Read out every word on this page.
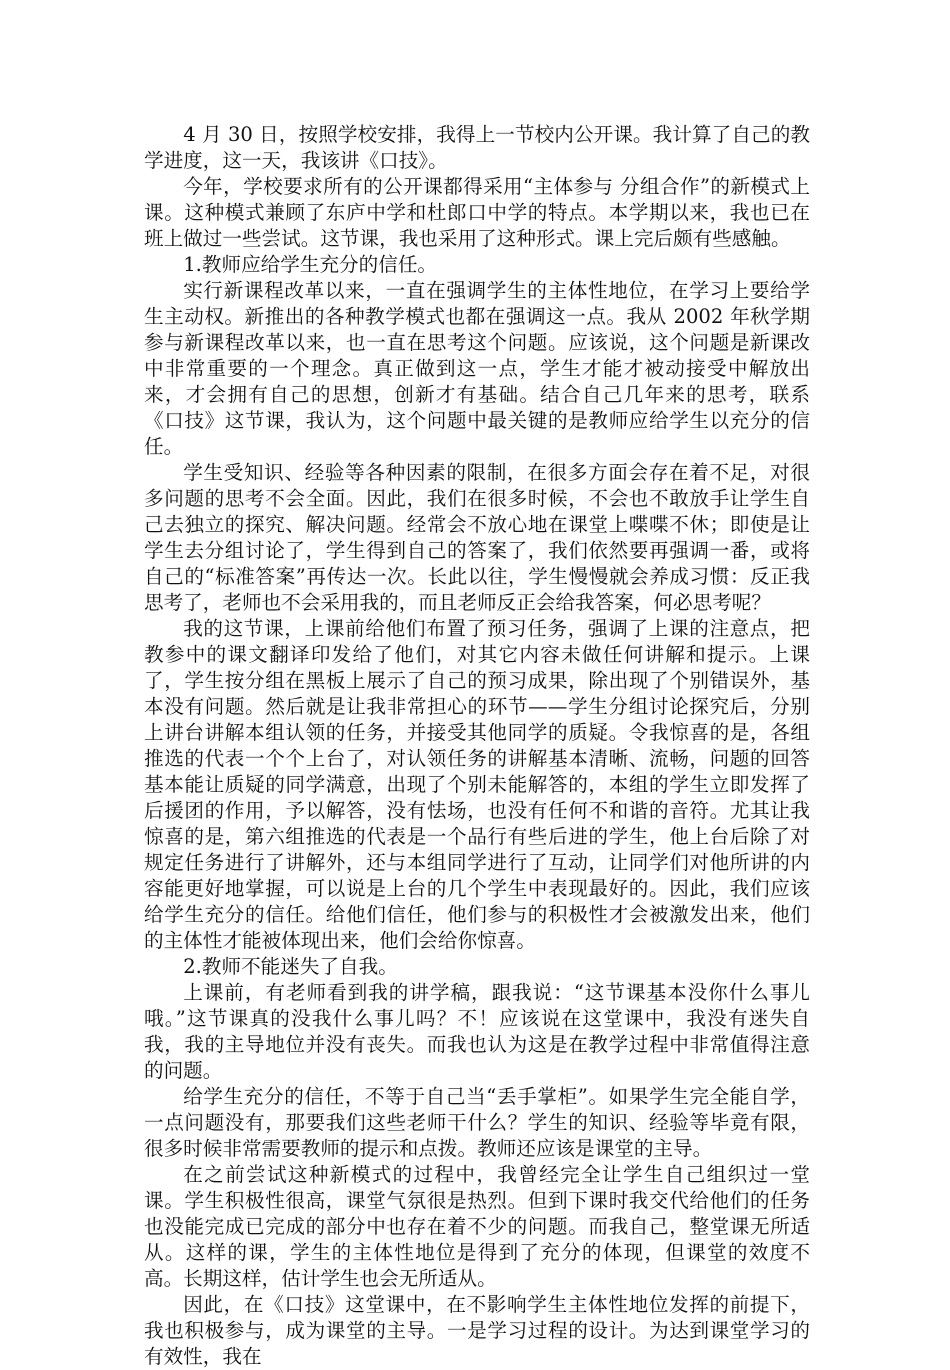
4 月 30 日，按照学校安排，我得上一节校内公开课。我计算了自己的教学进度，这一天，我该讲《口技》。

今年，学校要求所有的公开课都得采用“主体参与 分组合作”的新模式上课。这种模式兼顾了东庐中学和杜郎口中学的特点。本学期以来，我也已在班上做过一些尝试。这节课，我也采用了这种形式。课上完后颇有些感触。

1.教师应给学生充分的信任。

实行新课程改革以来，一直在强调学生的主体性地位，在学习上要给学生主动权。新推出的各种教学模式也都在强调这一点。我从 2002 年秋学期参与新课程改革以来，也一直在思考这个问题。应该说，这个问题是新课改中非常重要的一个理念。真正做到这一点，学生才能才被动接受中解放出来，才会拥有自己的思想，创新才有基础。结合自己几年来的思考，联系《口技》这节课，我认为，这个问题中最关键的是教师应给学生以充分的信任。

学生受知识、经验等各种因素的限制，在很多方面会存在着不足，对很多问题的思考不会全面。因此，我们在很多时候，不会也不敢放手让学生自己去独立的探究、解决问题。经常会不放心地在课堂上喋喋不休；即使是让学生去分组讨论了，学生得到自己的答案了，我们依然要再强调一番，或将自己的“标准答案”再传达一次。长此以往，学生慢慢就会养成习惯：反正我思考了，老师也不会采用我的，而且老师反正会给我答案，何必思考呢？

我的这节课，上课前给他们布置了预习任务，强调了上课的注意点，把教参中的课文翻译印发给了他们，对其它内容未做任何讲解和提示。上课了，学生按分组在黑板上展示了自己的预习成果，除出现了个别错误外，基本没有问题。然后就是让我非常担心的环节——学生分组讨论探究后，分别上讲台讲解本组认领的任务，并接受其他同学的质疑。令我惊喜的是，各组推选的代表一个个上台了，对认领任务的讲解基本清晰、流畅，问题的回答基本能让质疑的同学满意，出现了个别未能解答的，本组的学生立即发挥了后援团的作用，予以解答，没有怯场，也没有任何不和谐的音符。尤其让我惊喜的是，第六组推选的代表是一个品行有些后进的学生，他上台后除了对规定任务进行了讲解外，还与本组同学进行了互动，让同学们对他所讲的内容能更好地掌握，可以说是上台的几个学生中表现最好的。因此，我们应该给学生充分的信任。给他们信任，他们参与的积极性才会被激发出来，他们的主体性才能被体现出来，他们会给你惊喜。

2.教师不能迷失了自我。

上课前，有老师看到我的讲学稿，跟我说：“这节课基本没你什么事儿哦。”这节课真的没我什么事儿吗？不！应该说在这堂课中，我没有迷失自我，我的主导地位并没有丧失。而我也认为这是在教学过程中非常值得注意的问题。

给学生充分的信任，不等于自己当“丢手掌柜”。如果学生完全能自学，一点问题没有，那要我们这些老师干什么？学生的知识、经验等毕竟有限，很多时候非常需要教师的提示和点拨。教师还应该是课堂的主导。

在之前尝试这种新模式的过程中，我曾经完全让学生自己组织过一堂课。学生积极性很高，课堂气氛很是热烈。但到下课时我交代给他们的任务也没能完成已完成的部分中也存在着不少的问题。而我自己，整堂课无所适从。这样的课，学生的主体性地位是得到了充分的体现，但课堂的效度不高。长期这样，估计学生也会无所适从。

因此，在《口技》这堂课中，在不影响学生主体性地位发挥的前提下，我也积极参与，成为课堂的主导。一是学习过程的设计。为达到课堂学习的有效性，我在
